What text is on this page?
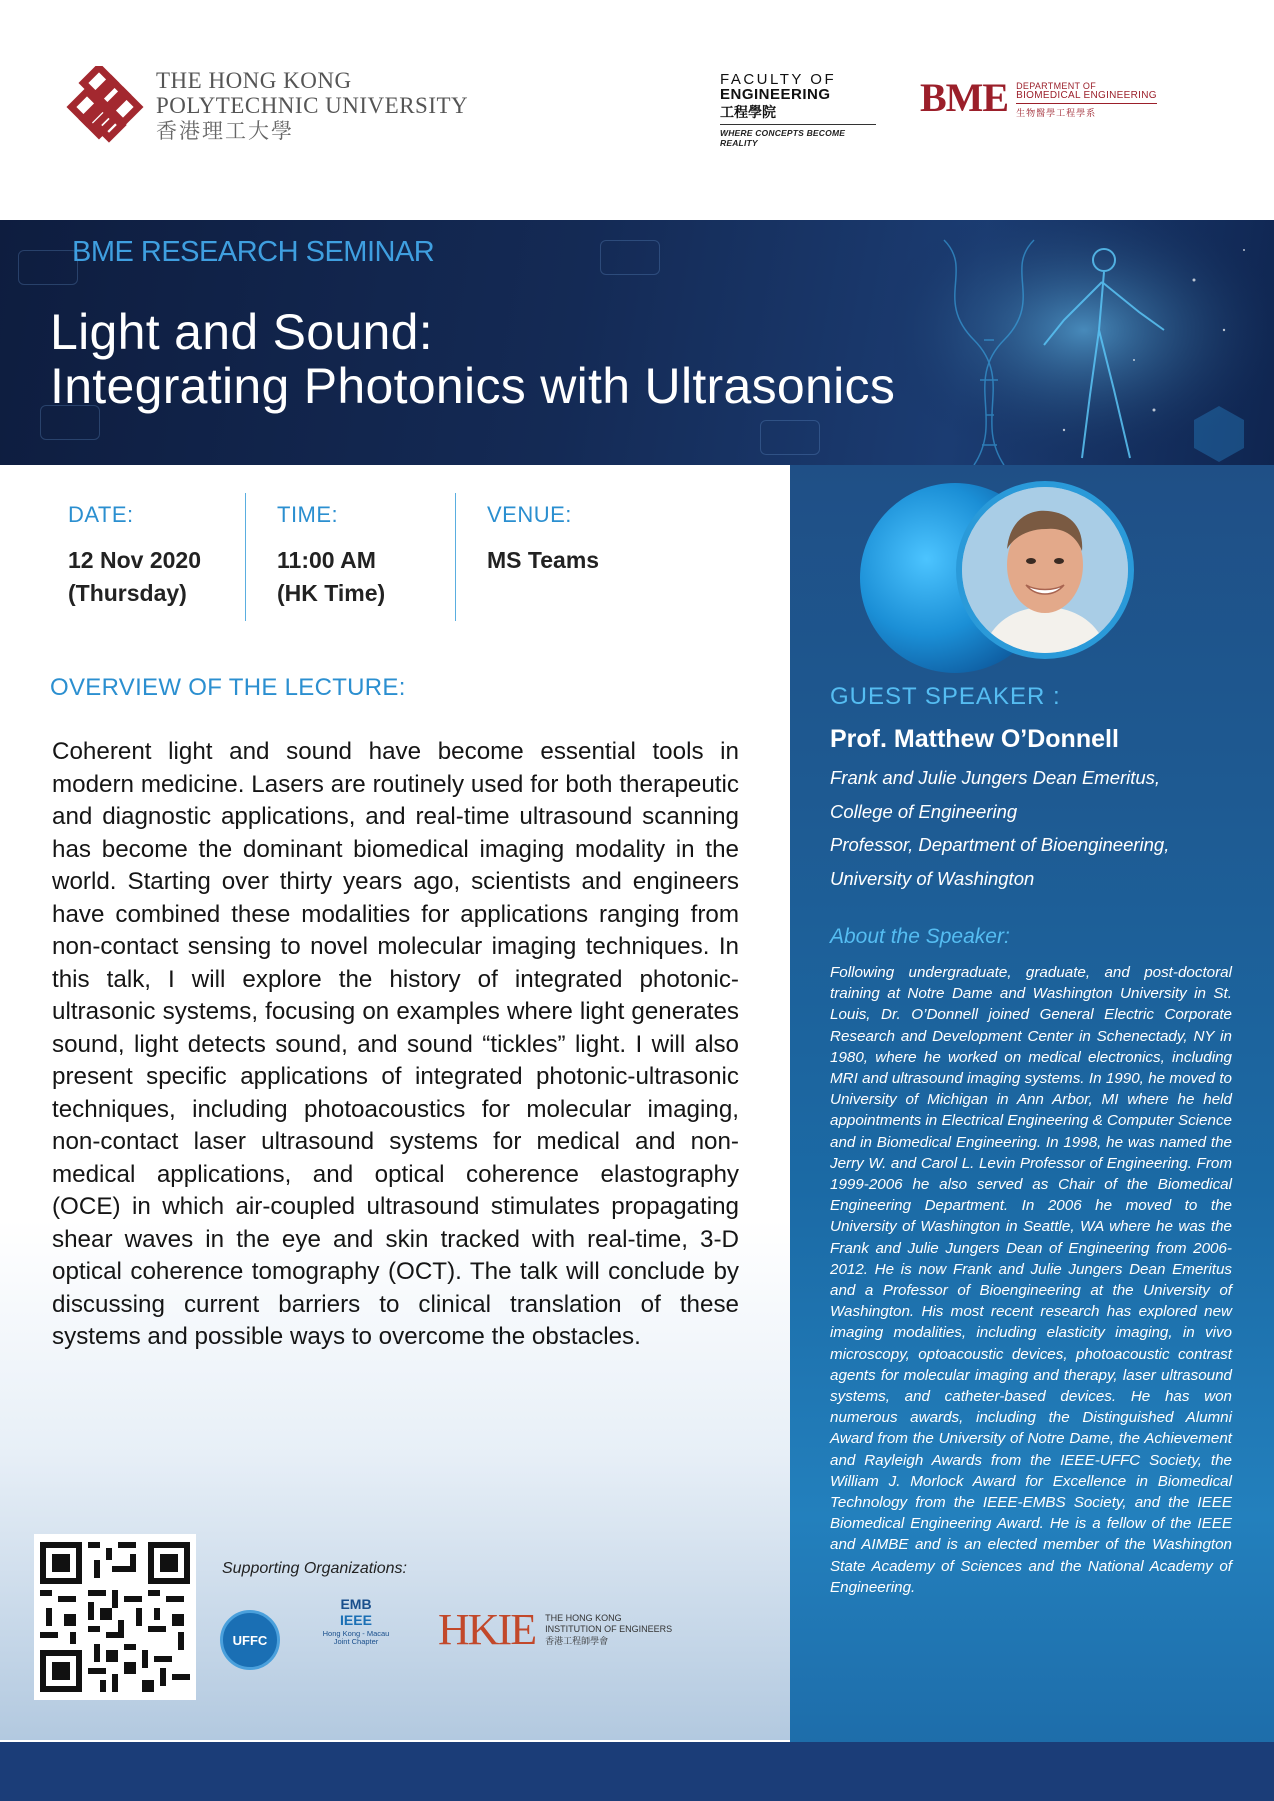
THE HONG KONG
POLYTECHNIC UNIVERSITY
香港理工大學
FACULTY OF
ENGINEERING
工程學院
WHERE CONCEPTS BECOME REALITY
BME DEPARTMENT OF
BIOMEDICAL ENGINEERING
生物醫學工程學系
BME RESEARCH SEMINAR
Light and Sound:
Integrating Photonics with Ultrasonics
DATE:
12 Nov 2020
(Thursday)
TIME:
11:00 AM
(HK Time)
VENUE:
MS Teams
OVERVIEW OF THE LECTURE:
Coherent light and sound have become essential tools in modern medicine. Lasers are routinely used for both therapeutic and diagnostic applications, and real-time ultrasound scanning has become the dominant biomedical imaging modality in the world. Starting over thirty years ago, scientists and engineers have combined these modalities for applications ranging from non-contact sensing to novel molecular imaging techniques. In this talk, I will explore the history of integrated photonic-ultrasonic systems, focusing on examples where light generates sound, light detects sound, and sound “tickles” light. I will also present specific applications of integrated photonic-ultrasonic techniques, including photoacoustics for molecular imaging, non-contact laser ultrasound systems for medical and non-medical applications, and optical coherence elastography (OCE) in which air-coupled ultrasound stimulates propagating shear waves in the eye and skin tracked with real-time, 3-D optical coherence tomography (OCT). The talk will conclude by discussing current barriers to clinical translation of these systems and possible ways to overcome the obstacles.
Supporting Organizations:
UFFC
EMB
IEEE
Hong Kong - Macau Joint Chapter	HKIE THE HONG KONG
INSTITUTION OF ENGINEERS
香港工程師學會
GUEST SPEAKER :
Prof. Matthew O’Donnell
Frank and Julie Jungers Dean Emeritus,
College of Engineering
Professor, Department of Bioengineering,
University of Washington
About the Speaker:
Following undergraduate, graduate, and post-doctoral training at Notre Dame and Washington University in St. Louis, Dr. O’Donnell joined General Electric Corporate Research and Development Center in Schenectady, NY in 1980, where he worked on medical electronics, including MRI and ultrasound imaging systems. In 1990, he moved to University of Michigan in Ann Arbor, MI where he held appointments in Electrical Engineering & Computer Science and in Biomedical Engineering. In 1998, he was named the Jerry W. and Carol L. Levin Professor of Engineering. From 1999-2006 he also served as Chair of the Biomedical Engineering Department. In 2006 he moved to the University of Washington in Seattle, WA where he was the Frank and Julie Jungers Dean of Engineering from 2006-2012. He is now Frank and Julie Jungers Dean Emeritus and a Professor of Bioengineering at the University of Washington. His most recent research has explored new imaging modalities, including elasticity imaging, in vivo microscopy, optoacoustic devices, photoacoustic contrast agents for molecular imaging and therapy, laser ultrasound systems, and catheter-based devices. He has won numerous awards, including the Distinguished Alumni Award from the University of Notre Dame, the Achievement and Rayleigh Awards from the IEEE-UFFC Society, the William J. Morlock Award for Excellence in Biomedical Technology from the IEEE-EMBS Society, and the IEEE Biomedical Engineering Award. He is a fellow of the IEEE and AIMBE and is an elected member of the Washington State Academy of Sciences and the National Academy of Engineering.
